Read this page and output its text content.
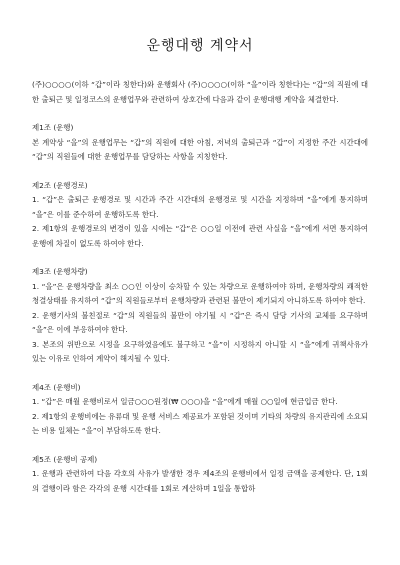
운행대행 계약서

(주)○○○○(이하 “갑”이라 칭한다)와 운행회사 (주)○○○○(이하 “을”이라 칭한다)는 “갑”의 직원에 대한 출퇴근 및 일정코스의 운행업무와 관련하여 상호간에 다음과 같이 운행대행 계약을 체결한다.

제1조 (운행)
본 계약상 “을”의 운행업무는 “갑”의 직원에 대한 아침, 저녁의 출퇴근과 “갑”이 지정한 주간 시간대에 “갑”의 직원들에 대한 운행업무를 담당하는 사항을 지칭한다.
제2조 (운행경로)
1. “갑”은 출퇴근 운행경로 및 시간과 주간 시간대의 운행경로 및 시간을 지정하며 “을”에게 통지하며 “을”은 이를 준수하여 운행하도록 한다.
2. 제1항의 운행경로의 변경이 있을 시에는 “갑”은 ○○일 이전에 관련 사실을 “을”에게 서면 통지하여 운행에 차질이 없도록 하여야 한다.
제3조 (운행차량)
1. “을”은 운행차량을 최소 ○○인 이상이 승차할 수 있는 차량으로 운행하여야 하며, 운행차량의 쾌적한 청결상태를 유지하여 “갑”의 직원들로부터 운행차량과 관련된 불만이 제기되지 아니하도록 하여야 한다.
2. 운행기사의 불친절로 “갑”의 직원들의 불만이 야기될 시 “갑”은 즉시 담당 기사의 교체를 요구하며 “을”은 이에 부응하여야 한다.
3. 본조의 위반으로 시정을 요구하였음에도 불구하고 “을”이 시정하지 아니할 시 “을”에게 귀책사유가 있는 이유로 인하여 계약이 해지될 수 있다.
제4조 (운행비)
1. “갑”은 매월 운행비로서 일금○○○원정(₩ ○○○)을 “을”에게 매월 ○○일에 현금입금 한다.
2. 제1항의 운행비에는 유류대 및 운행 서비스 제공료가 포함된 것이며 기타의 차량의 유지관리에 소요되는 비용 일체는 “을”이 부담하도록 한다.
제5조 (운행비 공제)
1. 운행과 관련하여 다음 각호의 사유가 발생한 경우 제4조의 운행비에서 일정 금액을 공제한다. 단, 1회의 결행이라 함은 각각의 운행 시간대를 1회로 계산하며 1일을 통합하
